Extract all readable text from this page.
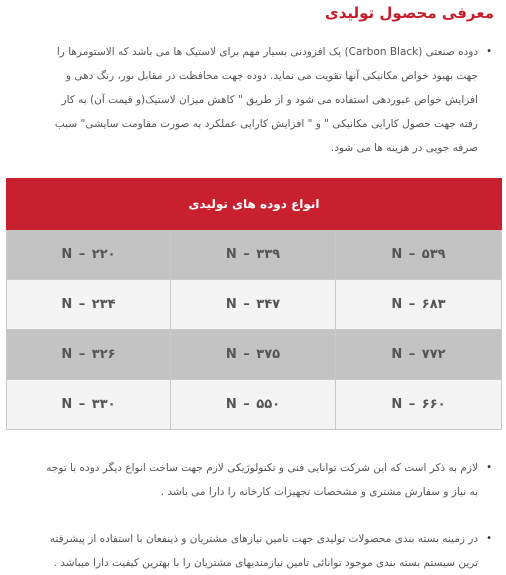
معرفی محصول تولیدی

•
دوده صنعتی (Carbon Black) یک افزودنی بسیار مهم برای لاستیک ها می باشد که الاستومرها را جهت بهبود خواص مکانیکی آنها تقویت می نماید. دوده جهت محافظت در مقابل نور، رنگ دهی و افزایش خواص عبوردهی استفاده می شود و از طریق " کاهش میزان لاستیک(و قیمت آن) به کار رفته جهت حصول کارایی مکانیکی " و " افزایش کارایی عملکرد به صورت مقاومت سایشی" سبب صرفه جویی در هزینه ها می شود.

انواع دوده های تولیدی
N – ۲۲۰	N – ۳۳۹	N – ۵۳۹
N – ۲۳۴	N – ۳۴۷	N – ۶۸۳
N – ۳۲۶	N – ۳۷۵	N – ۷۷۲
N – ۳۳۰	N – ۵۵۰	N – ۶۶۰

•
لازم به ذکر است که این شرکت توانایی فنی و تکنولوژیکی لازم جهت ساخت انواع دیگر دوده با توجه به نیاز و سفارش مشتری و مشخصات تجهیزات کارخانه را دارا می باشد .

•
در زمینه بسته بندی محصولات تولیدی جهت تامین نیازهای مشتریان و ذینفعان با استفاده از پیشرفته ترین سیستم بسته بندی موجود توانائی تامین نیازمندیهای مشتریان را با بهترین کیفیت دارا میباشد .
